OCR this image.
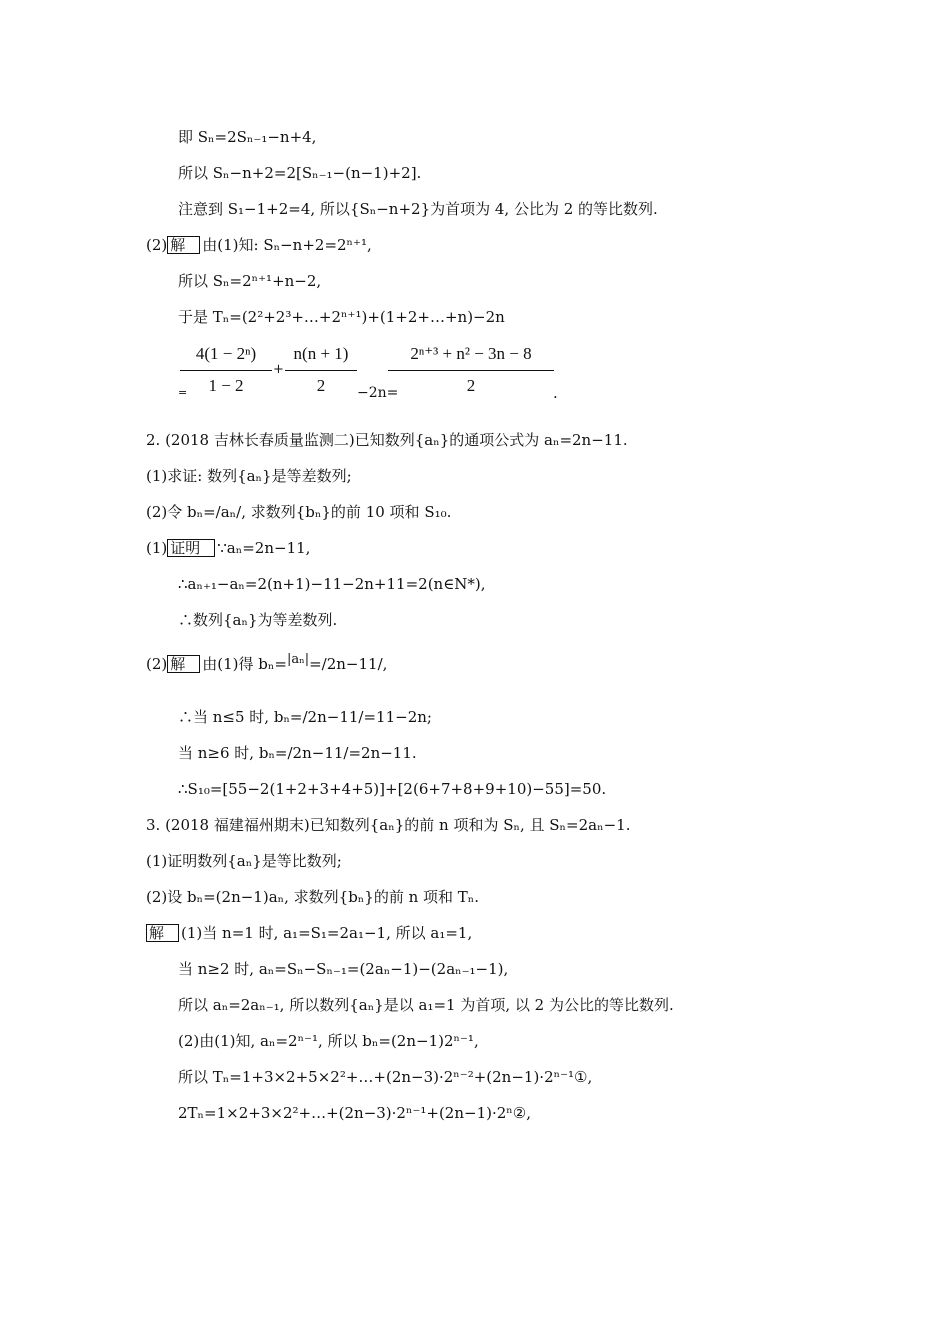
即 Sₙ=2Sₙ₋₁−n+4,
所以 Sₙ−n+2=2[Sₙ₋₁−(n−1)+2].
注意到 S₁−1+2=4, 所以{Sₙ−n+2}为首项为 4, 公比为 2 的等比数列.
(2) 解 由(1)知: Sₙ−n+2=2ⁿ⁺¹,
所以 Sₙ=2ⁿ⁺¹+n−2,
于是 Tₙ=(2²+2³+…+2ⁿ⁺¹)+(1+2+…+n)−2n
=
4(1 − 2ⁿ)
1 − 2
+
n(n + 1)
2	−2n=
2ⁿ⁺³ + n² − 3n − 8
2	.
2. (2018 吉林长春质量监测二)已知数列{aₙ}的通项公式为 aₙ=2n−11.
(1)求证: 数列{aₙ}是等差数列;
(2)令 bₙ=/aₙ/, 求数列{bₙ}的前 10 项和 S₁₀.
(1) 证明 ∵aₙ=2n−11,
∴aₙ₊₁−aₙ=2(n+1)−11−2n+11=2(n∈N*),
∴数列{aₙ}为等差数列.
(2) 解 由(1)得 bₙ=|aₙ|=/2n−11/,
∴当 n≤5 时, bₙ=/2n−11/=11−2n;
当 n≥6 时, bₙ=/2n−11/=2n−11.
∴S₁₀=[55−2(1+2+3+4+5)]+[2(6+7+8+9+10)−55]=50.
3. (2018 福建福州期末)已知数列{aₙ}的前 n 项和为 Sₙ, 且 Sₙ=2aₙ−1.
(1)证明数列{aₙ}是等比数列;
(2)设 bₙ=(2n−1)aₙ, 求数列{bₙ}的前 n 项和 Tₙ.
解 (1)当 n=1 时, a₁=S₁=2a₁−1, 所以 a₁=1,
当 n≥2 时, aₙ=Sₙ−Sₙ₋₁=(2aₙ−1)−(2aₙ₋₁−1),
所以 aₙ=2aₙ₋₁, 所以数列{aₙ}是以 a₁=1 为首项, 以 2 为公比的等比数列.
(2)由(1)知, aₙ=2ⁿ⁻¹, 所以 bₙ=(2n−1)2ⁿ⁻¹,
所以 Tₙ=1+3×2+5×2²+…+(2n−3)·2ⁿ⁻²+(2n−1)·2ⁿ⁻¹①,
2Tₙ=1×2+3×2²+…+(2n−3)·2ⁿ⁻¹+(2n−1)·2ⁿ②,
